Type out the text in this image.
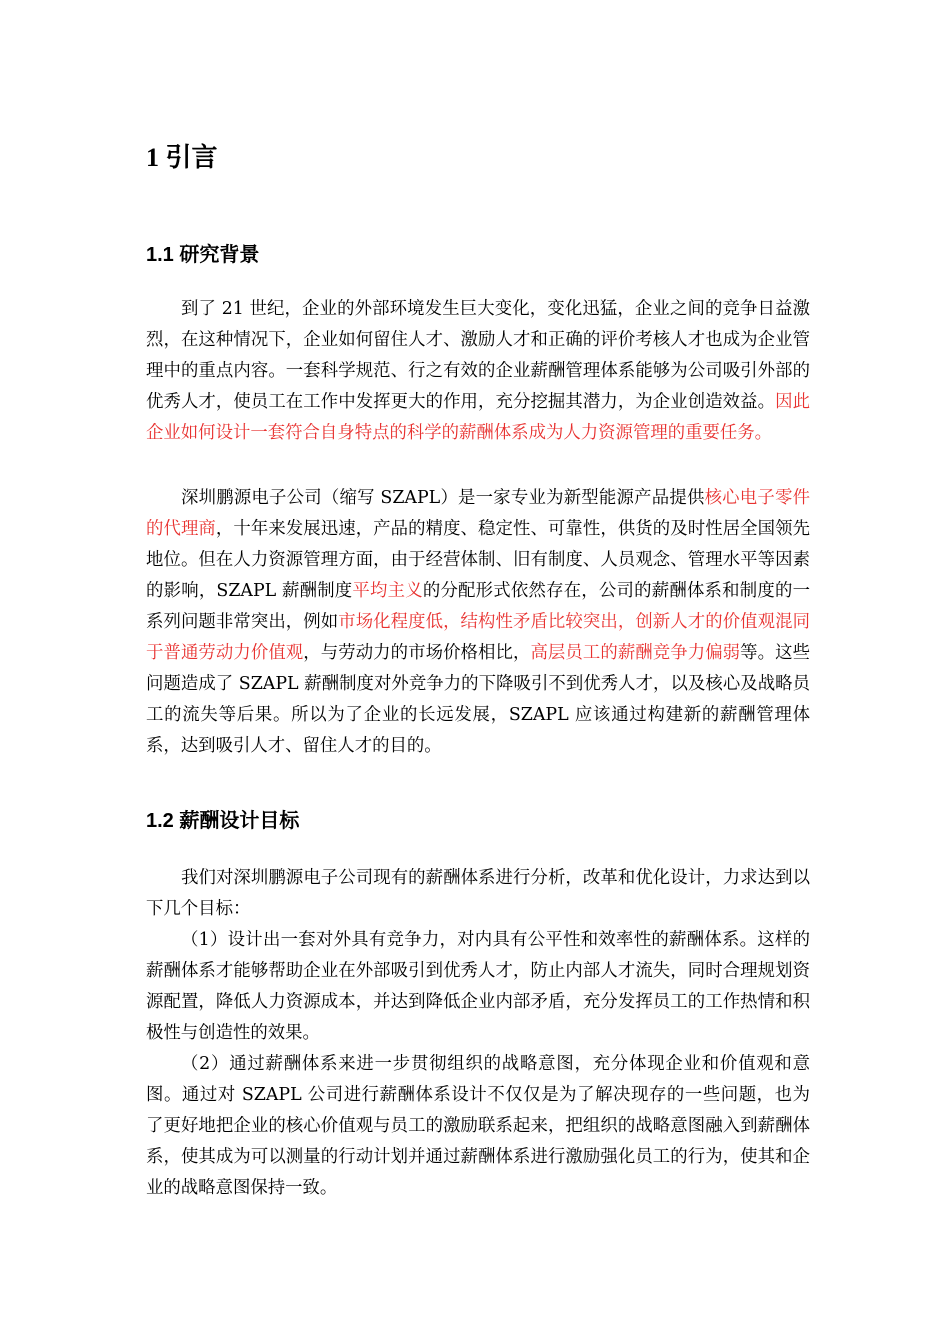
1 引言
1.1 研究背景

到了 21 世纪，企业的外部环境发生巨大变化，变化迅猛，企业之间的竞争日益激烈，在这种情况下，企业如何留住人才、激励人才和正确的评价考核人才也成为企业管理中的重点内容。一套科学规范、行之有效的企业薪酬管理体系能够为公司吸引外部的优秀人才，使员工在工作中发挥更大的作用，充分挖掘其潜力，为企业创造效益。因此企业如何设计一套符合自身特点的科学的薪酬体系成为人力资源管理的重要任务。

深圳鹏源电子公司（缩写 SZAPL）是一家专业为新型能源产品提供核心电子零件的代理商，十年来发展迅速，产品的精度、稳定性、可靠性，供货的及时性居全国领先地位。但在人力资源管理方面，由于经营体制、旧有制度、人员观念、管理水平等因素的影响，SZAPL 薪酬制度平均主义的分配形式依然存在，公司的薪酬体系和制度的一系列问题非常突出，例如市场化程度低，结构性矛盾比较突出，创新人才的价值观混同于普通劳动力价值观，与劳动力的市场价格相比，高层员工的薪酬竞争力偏弱等。这些问题造成了 SZAPL 薪酬制度对外竞争力的下降吸引不到优秀人才，以及核心及战略员工的流失等后果。所以为了企业的长远发展，SZAPL 应该通过构建新的薪酬管理体系，达到吸引人才、留住人才的目的。

1.2 薪酬设计目标

我们对深圳鹏源电子公司现有的薪酬体系进行分析，改革和优化设计，力求达到以下几个目标：

（1）设计出一套对外具有竞争力，对内具有公平性和效率性的薪酬体系。这样的薪酬体系才能够帮助企业在外部吸引到优秀人才，防止内部人才流失，同时合理规划资源配置，降低人力资源成本，并达到降低企业内部矛盾，充分发挥员工的工作热情和积极性与创造性的效果。

（2）通过薪酬体系来进一步贯彻组织的战略意图，充分体现企业和价值观和意图。通过对 SZAPL 公司进行薪酬体系设计不仅仅是为了解决现存的一些问题，也为 了更好地把企业的核心价值观与员工的激励联系起来，把组织的战略意图融入到薪酬体系，使其成为可以测量的行动计划并通过薪酬体系进行激励强化员工的行为，使其和企业的战略意图保持一致。
